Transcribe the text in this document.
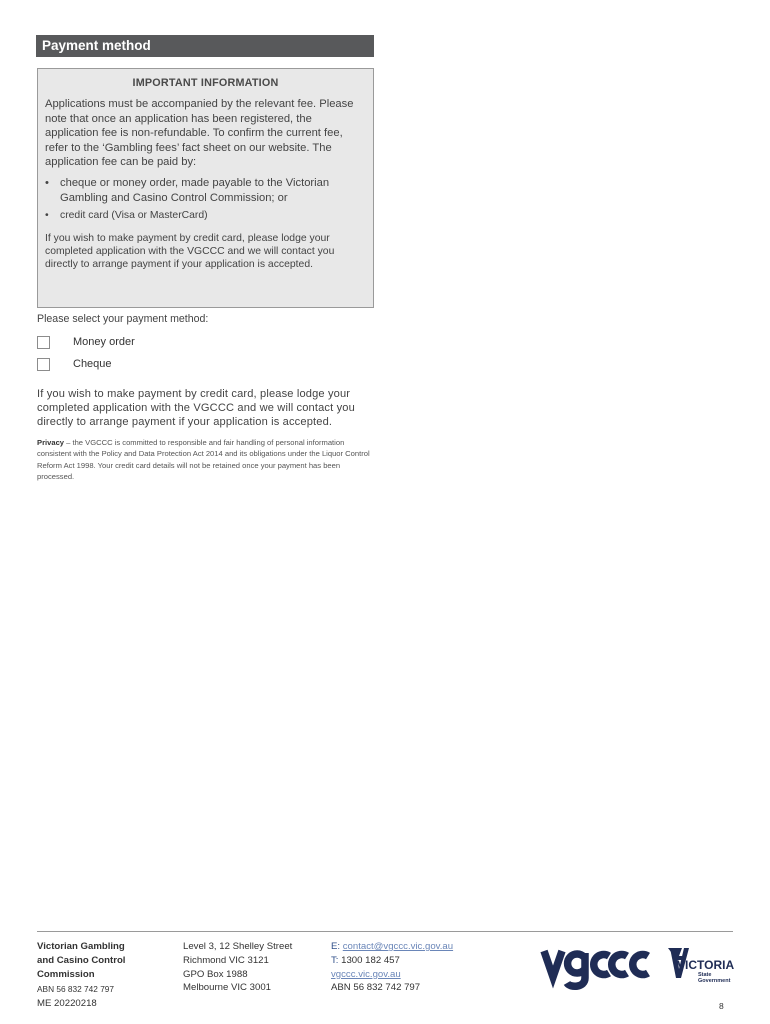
Payment method
IMPORTANT INFORMATION

Applications must be accompanied by the relevant fee. Please note that once an application has been registered, the application fee is non-refundable. To confirm the current fee, refer to the ‘Gambling fees’ fact sheet on our website. The application fee can be paid by:

• cheque or money order, made payable to the Victorian Gambling and Casino Control Commission; or
• credit card (Visa or MasterCard)
If you wish to make payment by credit card, please lodge your completed application with the VGCCC and we will contact you directly to arrange payment if your application is accepted.
Please select your payment method:
Money order
Cheque
If you wish to make payment by credit card, please lodge your completed application with the VGCCC and we will contact you directly to arrange payment if your application is accepted.
Privacy – the VGCCC is committed to responsible and fair handling of personal information consistent with the Policy and Data Protection Act 2014 and its obligations under the Liquor Control Reform Act 1998. Your credit card details will not be retained once your payment has been processed.
Victorian Gambling
and Casino Control
Commission
ABN 56 832 742 797
Level 3, 12 Shelley Street
Richmond VIC 3121
GPO Box 1988
Melbourne VIC 3001
E: contact@vgccc.vic.gov.au
T: 1300 182 457
vgccc.vic.gov.au
ABN 56 832 742 797
ME 20220218	8
VICTORIA
State
Government
